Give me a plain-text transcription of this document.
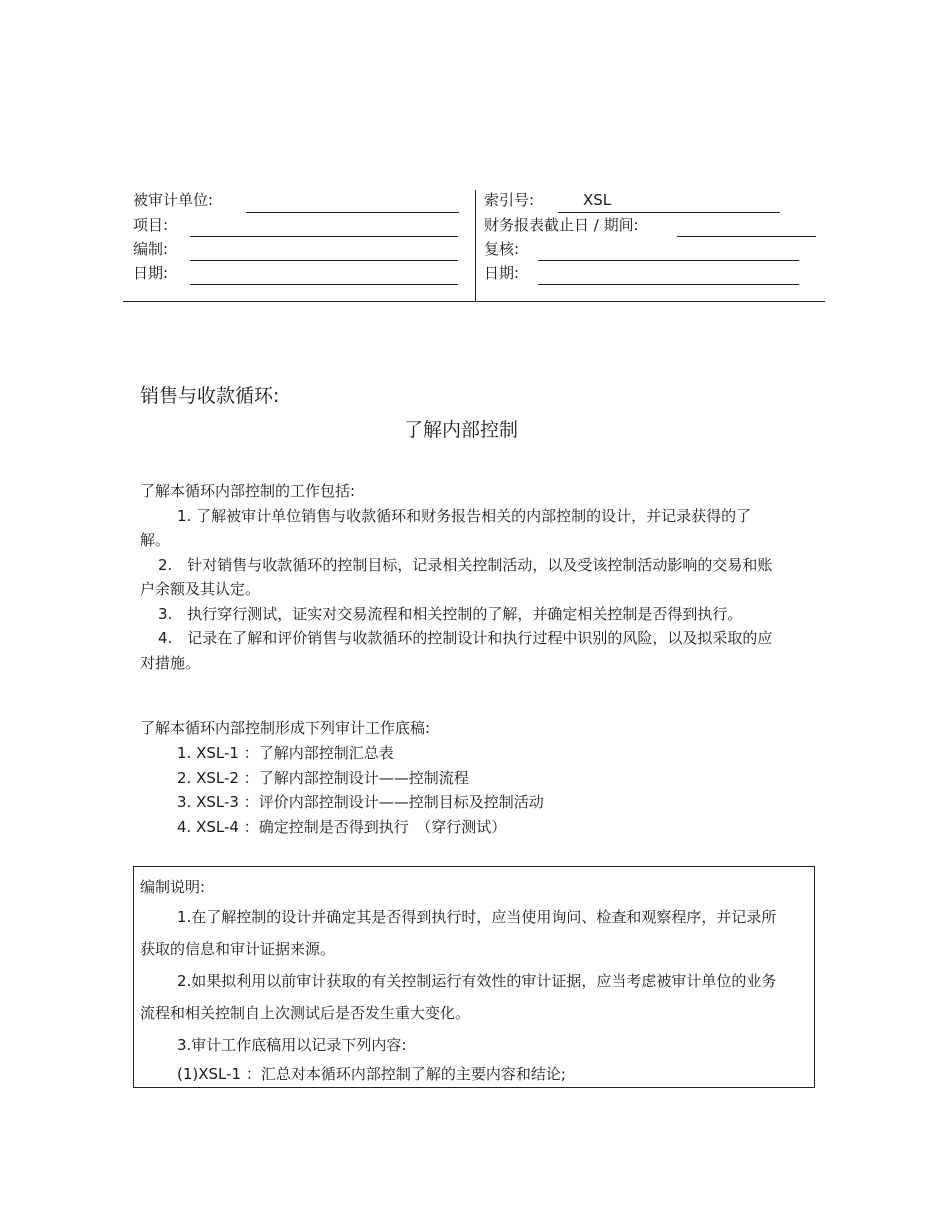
被审计单位:
项目:
编制:
日期:
索引号:	XSL
财务报表截止日 / 期间:
复核:
日期:
销售与收款循环:
了解内部控制
了解本循环内部控制的工作包括:
1. 了解被审计单位销售与收款循环和财务报告相关的内部控制的设计，并记录获得的了解。
2.　针对销售与收款循环的控制目标，记录相关控制活动，以及受该控制活动影响的交易和账户余额及其认定。
3.　执行穿行测试，证实对交易流程和相关控制的了解，并确定相关控制是否得到执行。
4.　记录在了解和评价销售与收款循环的控制设计和执行过程中识别的风险，以及拟采取的应对措施。
了解本循环内部控制形成下列审计工作底稿:
1. XSL-1 ：了解内部控制汇总表
2. XSL-2 ：了解内部控制设计——控制流程
3. XSL-3 ：评价内部控制设计——控制目标及控制活动
4. XSL-4 ：确定控制是否得到执行　（穿行测试）
编制说明:
1.在了解控制的设计并确定其是否得到执行时，应当使用询问、检查和观察程序，并记录所获取的信息和审计证据来源。
2.如果拟利用以前审计获取的有关控制运行有效性的审计证据，应当考虑被审计单位的业务流程和相关控制自上次测试后是否发生重大变化。
3.审计工作底稿用以记录下列内容:
(1)XSL-1 ：汇总对本循环内部控制了解的主要内容和结论;
